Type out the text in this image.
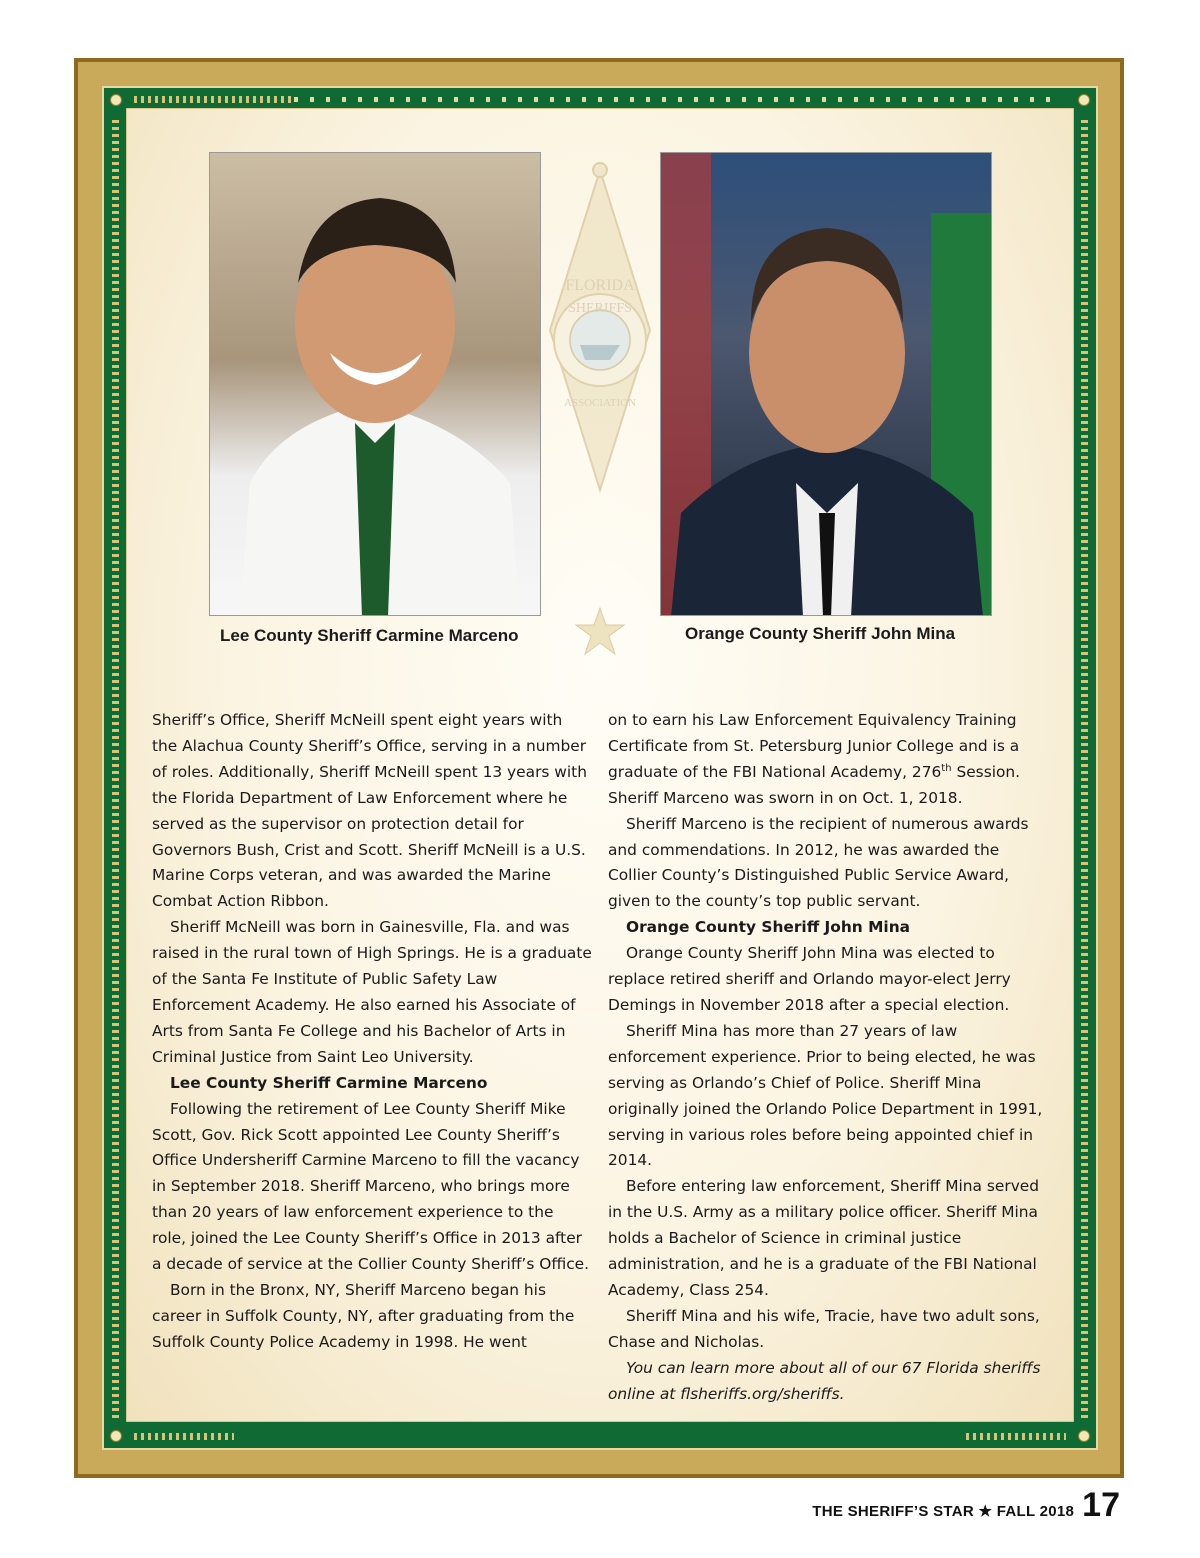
FLORIDA
SHERIFFS
ASSOCIATION
Lee County Sheriff Carmine Marceno	Orange County Sheriff John Mina

Sheriff’s Office, Sheriff McNeill spent eight years with the Alachua County Sheriff’s Office, serving in a number of roles. Additionally, Sheriff McNeill spent 13 years with the Florida Department of Law Enforcement where he served as the supervisor on protection detail for Governors Bush, Crist and Scott. Sheriff McNeill is a U.S. Marine Corps veteran, and was awarded the Marine Combat Action Ribbon.

Sheriff McNeill was born in Gainesville, Fla. and was raised in the rural town of High Springs. He is a graduate of the Santa Fe Institute of Public Safety Law Enforcement Academy. He also earned his Associate of Arts from Santa Fe College and his Bachelor of Arts in Criminal Justice from Saint Leo University.

Lee County Sheriff Carmine Marceno

Following the retirement of Lee County Sheriff Mike Scott, Gov. Rick Scott appointed Lee County Sheriff’s Office Undersheriff Carmine Marceno to fill the vacancy in September 2018. Sheriff Marceno, who brings more than 20 years of law enforcement experience to the role, joined the Lee County Sheriff’s Office in 2013 after a decade of service at the Collier County Sheriff’s Office.

Born in the Bronx, NY, Sheriff Marceno began his career in Suffolk County, NY, after graduating from the Suffolk County Police Academy in 1998. He went

on to earn his Law Enforcement Equivalency Training Certificate from St. Petersburg Junior College and is a graduate of the FBI National Academy, 276th Session. Sheriff Marceno was sworn in on Oct. 1, 2018.

Sheriff Marceno is the recipient of numerous awards and commendations. In 2012, he was awarded the Collier County’s Distinguished Public Service Award, given to the county’s top public servant.

Orange County Sheriff John Mina

Orange County Sheriff John Mina was elected to replace retired sheriff and Orlando mayor-elect Jerry Demings in November 2018 after a special election.

Sheriff Mina has more than 27 years of law enforcement experience. Prior to being elected, he was serving as Orlando’s Chief of Police. Sheriff Mina originally joined the Orlando Police Department in 1991, serving in various roles before being appointed chief in 2014.

Before entering law enforcement, Sheriff Mina served in the U.S. Army as a military police officer. Sheriff Mina holds a Bachelor of Science in criminal justice administration, and he is a graduate of the FBI National Academy, Class 254.

Sheriff Mina and his wife, Tracie, have two adult sons, Chase and Nicholas.

You can learn more about all of our 67 Florida sheriffs online at flsheriffs.org/sheriffs.

THE SHERIFF’S STAR ★ FALL 2018 17
